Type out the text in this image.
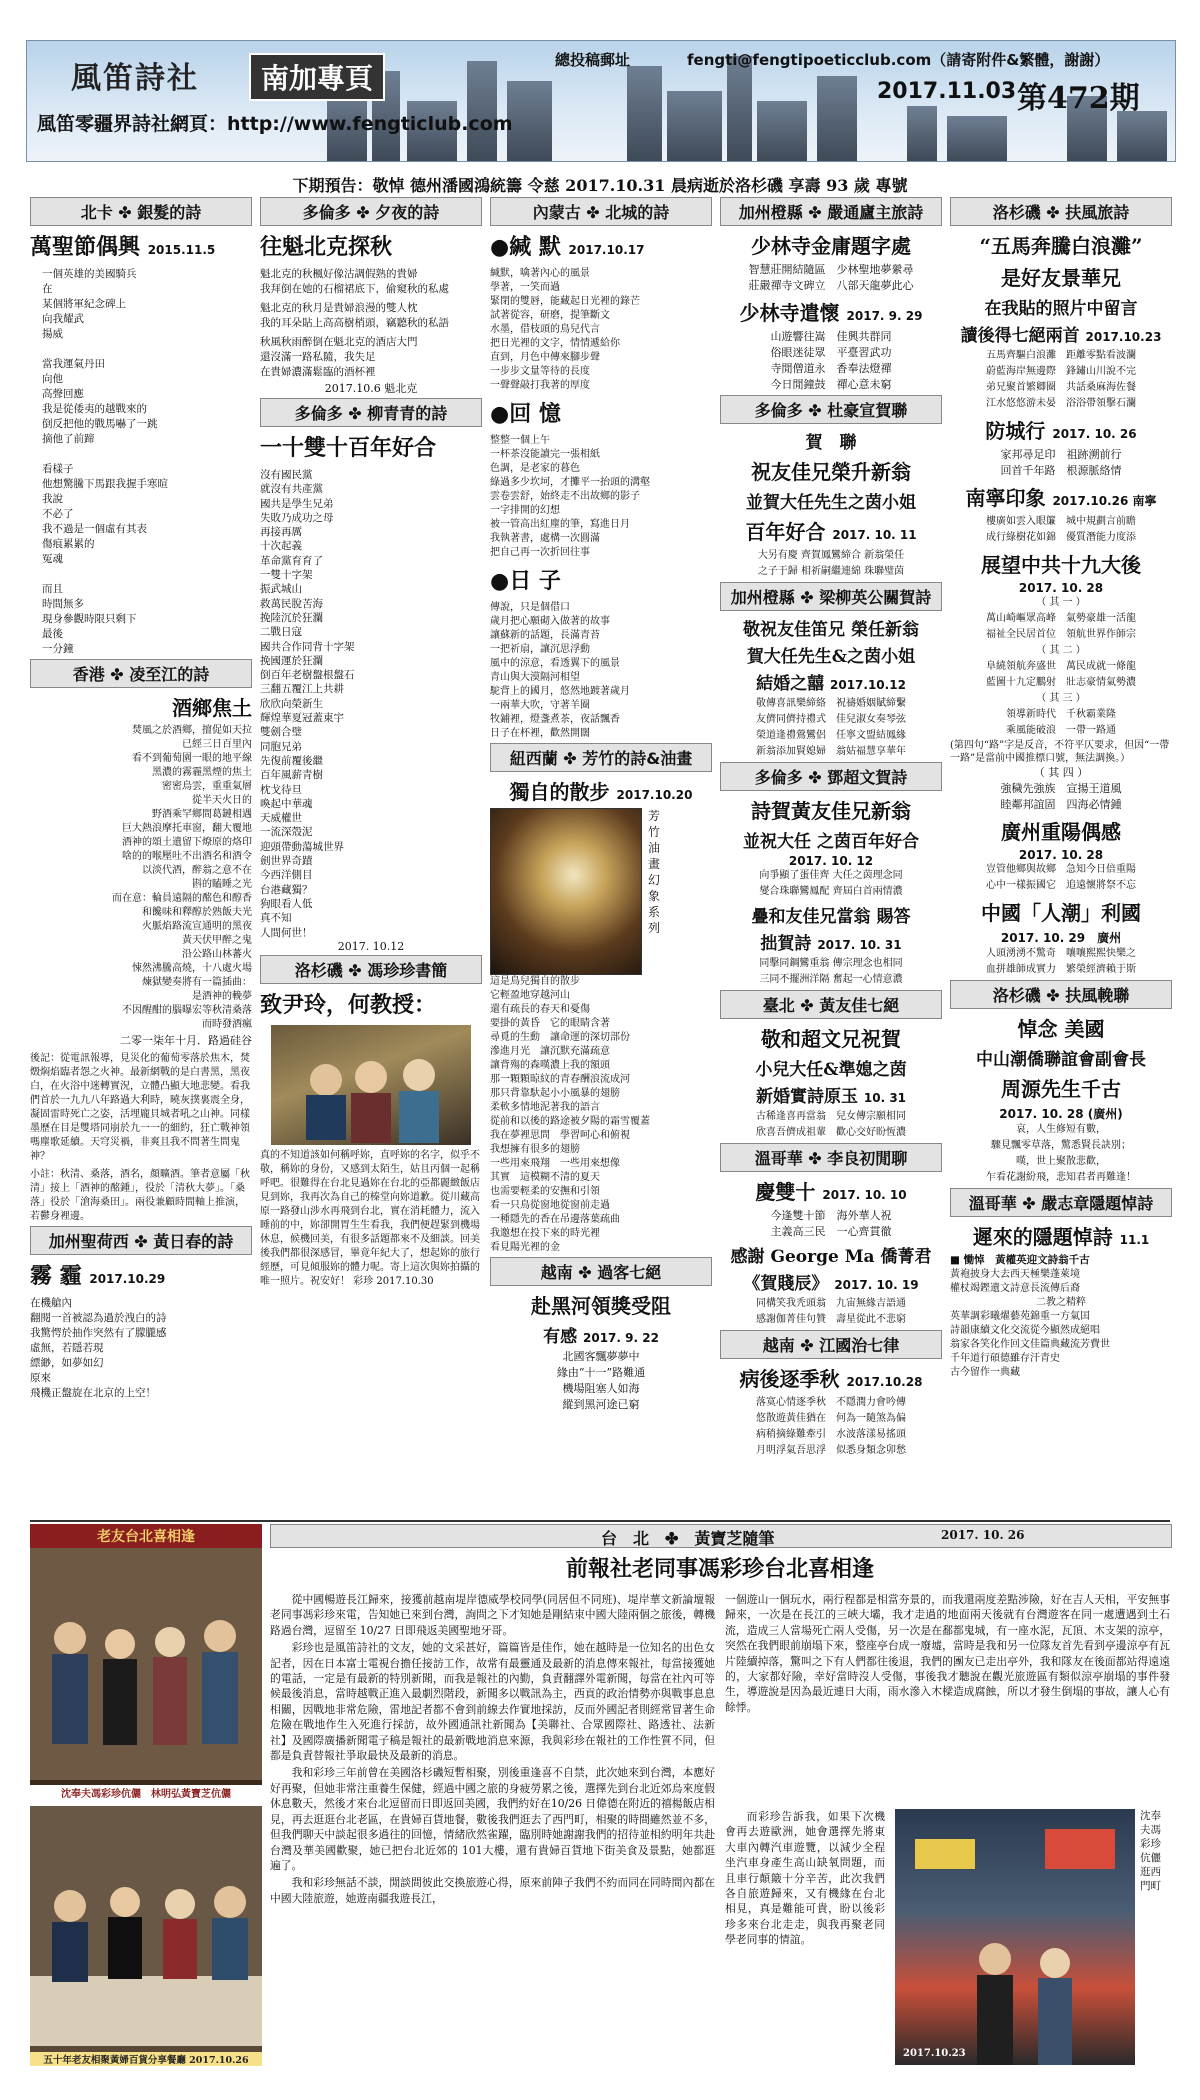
風笛詩社	南加專頁
總投稿郵址	fengti@fengtipoeticclub.com（請寄附件&繁體，謝謝）
風笛零疆界詩社網頁：http://www.fengticlub.com
2017.11.03 第472期
下期預告：敬悼 德州潘國鴻統籌 令慈 2017.10.31 晨病逝於洛杉磯 享壽 93 歲 專號
北卡 ✤ 銀髮的詩
萬聖節偶興 2015.11.5
一個英雄的美國騎兵
在
某個將軍紀念碑上
向我耀武
揚威

當我運氣丹田
向他
高聲回應
我是從倭夷的越戰來的
倒反把他的戰馬嚇了一跳
摘他了前蹄

看樣子
他想驚騰下馬跟我握手寒暄
我說
不必了
我不過是一個虛有其表
傷痕累累的
冤魂

而且
時間無多
現身參觀時限只剩下
最後
一分鐘
香港 ✤ 凌至江的詩
酒鄉焦土
焚風之於酒鄉，擅促如天拉
已經三日百里內
看不到葡萄園一眼的地平線
黑濃的霧霾黑煙的焦土
密密烏雲，重重氣層
從半天火日的
野酒乘罕鄉間葛鏈相遇
巨大熱浪摩托車窗，翻大覆地
酒神的頌土遺留下燎原的烙印
啥的的喉壓吐不出酒名和酒令
以淡代酒，醉翁之意不在
斟的瞌睡之光
而在意：輪員遠隔的酩色和醇香
和饞味和釋醇於熟飯夫光
火脈焰路流宣通明的黑夜
黃天伏甲醉之鬼
沿公路山林蕃火
悚然沸騰高燒，十八處火場
煉獄變奏將有一篇插曲：
是酒神的輓夢
不因醒酣的腦曝宏等秋清桑落
而時發酒瘋
二零一柒年十月．路過硅谷
後記：從電訊報導，見災化的葡萄零落於焦木，焚燬焖焰臨者怨之火神。最新網戰的是白書黑，黑夜白，在火浴中迷轉實況，立體凸顯大地悲變。看我們首於一九九八年路過大利時，曉灰撲裏震全身，凝固雷時死亡之姿，活埋龐貝城者吼之山神。同樣墨歷在目是雙塔同崩於九一一的細約，狂亡戰神領嗎塵歌延續。天穹災禍，非爽且我不問著生問鬼神？
小註：秋清、桑落，酒名，顏曠酒。筆者意屬「秋清」接上「酒神的酩鍾」，役於「清秋大夢」。「桑落」役於「滄海桑田」。兩役兼顧時間軸上推演，若鬱身裡邊。
加州聖荷西 ✤ 黃日春的詩
霧 霾 2017.10.29
在機艙內
翻閱一首被認為過於洩白的詩
我驚愕於抽作突然有了朦朧感
虛無，若隱若現
縹緲，如夢如幻
原來
飛機正盤旋在北京的上空！
多倫多 ✤ 夕夜的詩
往魁北克探秋
魁北克的秋楓好像沽調假熟的貴婦
我拜倒在她的石榴裙底下，偷窺秋的私處
魁北克的秋月是貴婦浪漫的雙人枕
我的耳朵貼上高高樹梢頭，竊聽秋的私語
秋風秋雨醉倒在魁北克的酒店大門
還沒滿一路私隨，我失足
在貴婦濃滿鬆臨的酒杯裡
2017.10.6 魁北克
多倫多 ✤ 柳青青的詩
一十雙十百年好合
沒有國民黨
就沒有共產黨
國共是學生兄弟
失敗乃成功之母
再接再厲
十次起義
革命黨育育了
一雙十字架
振武城山
救萬民脫苦海
挽陸沉於狂瀾
二戰日寇
國共合作同背十字架
挽國運於狂瀾
倒百年老樹盤根盤石
三翻五覆江上共耕
欣欣向榮新生
輝煌華夏冠蓋東宇
雙劍合璧
同胞兄弟
先復前覆後繼
百年風薪青樹
枕戈待旦
喚起中華魂
天威權世
一流深殼泥
迎頭帶動蕩城世界
劍世界奇蹟
今西洋側目
台港藏獨？
狗眼看人低
真不知
人間何世！
2017. 10.12
洛杉磯 ✤ 馮珍珍書簡
致尹玲，何教授：
真的不知道該如何稱呼妳，直呼妳的名字，似乎不敬，稱妳的身份，又感到太陌生，姑且丙個一起稱呼吧。很難得在台北見過妳在台北的亞都麗緻飯店見到妳，我再次為自己的榛堂向妳道歉。從川藏高原一路發山涉水再飛到台北，實在消耗體力，流入睡前的中，妳卻開胃生生看我，我們便趕緊到機場休息，候機回美，有很多話題都來不及細談。回美後我們都很深感冒，畢竟年紀大了，想起妳的旅行經歷，可見傾服妳的體力呢。寄上這次與妳拍攝的唯一照片。祝安好！ 彩珍 2017.10.30
內蒙古 ✤ 北城的詩
●緘 默 2017.10.17
緘默，噙著內心的風景
學著，一笑而過
緊閉的雙唇，能藏起日光裡的錄芒
試著從容，研磨，提筆斷文
水墨，借枝頭的鳥兒代言
把日光裡的文字，情情遞給你
直到，月色中傳來腳步聲
一步步文量等待的長度
一聲聲敲打我著的厚度
●回 憶
整整一個上午
一杯茶沒能讀完一張相紙
色調，是老家的暮色
綠過多少坎坷，才攤平一抬頭的溝壑
雲卷雲舒，始終走不出故鄉的影子
一字排開的幻想
被一管高出紅塵的筆，寫進日月
我執著書，處構一次圓滿
把自己再一次折回往事
●日 子
傳說，只是個借口
歲月把心願砌入做著的故事
讓蘇新的話題，長滿青苔
一把祈扇，讓沉思浮動
風中的涼意，看透翼下的風景
青山與大漠隔河相望
駝背上的國月，悠然地踱著歲月
一兩華大吹，守著羊圈
牧鋪裡，燈盞煮茶，夜話飄香
日子在杯裡，歡然開闊
紐西蘭 ✤ 芳竹的詩&油畫
獨自的散步 2017.10.20
芳竹油畫 幻象系列
這是鳥兒獨自的散步
它輕盈地穿越河山
還有疏長的春天和憂傷
要掛的黃昏　它的眼睛含著
尋覓的生動　讓命運的深切部份
滲進月光　讓沉默充滿疏意
讓背殤的森嘆濃上我的額頭
那一顆顆晾紋的青春酬浪流成河
那只背靠馱起小小風暴的翅膀
柔軟多情地泥著我的語言
從前和以後的路途被夕陽的霜雪覆蓋
我在夢裡思問　學習呵心和俯視
我想擁有很多的翅膀
一些用來飛翔　一些用來想像
其實　這模糊不清的夏天
也需要輕柔的安撫和引領
看一只鳥從窗地從窗前走過
一種隱先的香在吊邊落葉疏曲
我邀想在投下來的時光裡
看見陽光裡的金
越南 ✤ 過客七絕
赴黑河領獎受阻
有感 2017. 9. 22
北國客飄夢夢中
緣由“十一”路難通
機場阻塞人如海
縱到黑河途已窮
加州橙縣 ✤ 嚴通廬主旅詩
少林寺金庸題字處
智慧莊開結隨區　少林聖地夢縈尋
莊嚴禪寺文碑立　八部天龍夢此心
少林寺遣懷 2017. 9. 29
山遊響往嵩　佳興共群同
俗眼迷徒眾　平臺習武功
寺閒僧道永　香奉法燈禪
今日閒鐘鼓　禪心意未窮
多倫多 ✤ 杜豪宣賀聯
賀　聯
祝友佳兄榮升新翁
並賀大任先生之茵小姐
百年好合 2017. 10. 11
大另有慶 齊賀鳳鸞締合 新翁榮任
之子于歸 相祈嗣繼連綿 珠聯璧茵
加州橙縣 ✤ 梁柳英公關賀詩
敬祝友佳笛兄 榮任新翁
賀大任先生&之茵小姐
結婚之囍 2017.10.12
敬傳喜訊樂締絡　祝禱婚姻賦締繫
友儕同儕持禮式　佳兒淑女奏琴弦
榮道逢禮鶯鸞侶　任寧文盟結鳳緣
新翁添加賢媳婦　翁姑福慧享華年
多倫多 ✤ 鄧超文賀詩
詩賀黃友佳兄新翁
並祝大任 之茵百年好合
2017. 10. 12
向爭顯了蛋佳齊 大任之茵理念同
燮合珠聯鸞鳳配 齊屆白首兩情濃
疊和友佳兄當翁 賜答
拙賀詩 2017. 10. 31
同擊同鋼鸞重翁 傳宗理念也相同
三同不擺洲洋隔 奮起一心情意濃
臺北 ✤ 黃友佳七絕
敬和超文兄祝賀
小兒大任&準媳之茵
新婚實詩原玉 10. 31
古稀逢喜再當翁　兒女傳宗願相同
欣喜吾儕成祖輩　歡心交好盼恆濃
溫哥華 ✤ 李良初閒聊
慶雙十 2017. 10. 10
今逢雙十節　海外華人祝
主義高三民　一心齊貫徹
感謝 George Ma 僑菁君
《賀賤辰》 2017. 10. 19
同構笑我秃頭翁　九宙無緣吉語通
感謝伽菁佳句贊　壽星從此不悲窮
越南 ✤ 江國治七律
病後逐季秋 2017.10.28
落寞心情逐季秋　不隱潤力會吟傳
悠散遊黃佳猶在　何為一隨煞為偏
病稍摘綠難牽引　水波落漾易搖頭
月明浮氣吾思浮　似悉身類念卯愁
洛杉磯 ✤ 扶風旅詩
“五馬奔騰白浪灘”
是好友景華兄
在我貼的照片中留言
讀後得七絕兩首 2017.10.23
五馬齊驅白浪灘　距離零點看波瀾
蔚藍海岸無邊際　鋒鏽山川說不完
弟兄聚首繁卿圈　共話桑麻海佐餐
江水悠悠游未晏　浴浴帶領擊石瀾
防城行 2017. 10. 26
家邦尋足印　祖跡溯前行
回首千年路　根源脈絡情
南寧印象 2017.10.26 南寧
樓廣如雲入眼簾　城中規劃言前瞻
成行綠樹花如錦　優質潛能力度添
展望中共十九大後
2017. 10. 28
（ 其 一 ）
萬山崎嶇眾高峰　氣勢豪雄一活龍
福祉全民居首位　領航世界作師宗
（ 其 二 ）
阜繞領航奔盛世　萬民成就一條龍
藍圖十九定鵬射　壯志豪情氣勢濃
（ 其 三 ）
領導新時代　千秋霸業隆
乘風能破浪　一帶一路通
(第四句“路”字是反音，不符平仄要求，但因“一帶一路”是當前中國推標口號，無法調換。）
（ 其 四 ）
強穢先強族　宣揚王道風
睦鄰邦誼固　四海必情鍾
廣州重陽偶感
2017. 10. 28
豈管他鄉與故鄉　急知今日倍重陽
心中一樣振國它　追遠懷將祭不忘
中國「人潮」利國
2017. 10. 29　廣州
人頭湧湧不驚奇　嚷嚷熙熙快樂之
血拼雄師成實力　繁榮經濟賴于斯
洛杉磯 ✤ 扶風輓聯
悼念 美國
中山潮僑聯誼會副會長
周源先生千古
2017. 10. 28 (廣州)
哀，人生修短有數，
驟見飄零草落，驚悉賢長訣別；
嘆，世上聚散悲歡，
乍看花謝紛飛，悲知君者再難逢！
溫哥華 ✤ 嚴志章隱題悼詩
遲來的隱題悼詩 11.1
■ 慟悼　黃權英迎文詩翁千古
黃袍披身大去西天極樂蓬萊境
權杖竭鏗遺文詩意長流傳后裔
二教之精粹
英華調彩曦燿藝苑錦重一方氣囯
詩韻康續文化交流從今顯然成絕唱
翁家各笑化作回文佳篇典藏流芳費世
千年道行碩德雖存汗青史
古今留作一典藏
台　北　✤　黃寶芝隨筆	2017. 10. 26
老友台北喜相逢
沈奉夫馮彩珍伉儷　林明弘黃寶芝伉儷
五十年老友相聚黃婦百貨分享餐廳 2017.10.26
前報社老同事馮彩珍台北喜相逢

從中國暢遊長江歸來，接獲前越南堤岸德威學校同學(同居但不同班)、堤岸華文新論壇報老同事馮彩珍來電，告知她已來到台灣，詢問之下才知她是剛結束中國大陸兩個之旅後，轉機路過台灣，逗留至 10/27 日即飛返美國聖地牙哥。

彩珍也是風笛詩社的文友，她的文采甚好，篇篇皆是佳作，她在越時是一位知名的出色女記者，因在日本富士電視台擔任接訪工作，故常有最靈通及最新的消息傳來報社，每當接獲她的電話，一定是有最新的特別新聞，而我是報社的內勤，負責翻譯外電新聞，每當在社內可等候最後消息，當時越戰正進入最劇烈階段，新聞多以戰訊為主，西貢的政治情勢亦與戰事息息相關，因戰地非常危險，雷地記者都不會到前線去作實地採訪，反而外國記者則經常冒著生命危險在戰地作生入死進行採訪，故外國通訊社新聞為【美聯社、合眾國際社、路透社、法新社】及國際廣播新聞電子稿是報社的最新戰地消息來源，我與彩珍在報社的工作性質不同，但都是負責替報社爭取最快及最新的消息。

我和彩珍三年前曾在美國洛杉磯短暫相聚，別後重逢喜不自禁，此次她來到台灣，本應好好再聚，但她非常注重養生保健，經過中國之旅的身疲勞累之後，選擇先到台北近郊烏來度假休息數天，然後才來台北逗留而日即返回美國，我們約好在10/26 日偉德在附近的禧楊飯店相見，再去逛逛台北老區，在貴婦百貨地餐，數後我們逛去了西門町，相聚的時間雖然並不多，但我們聊天中談起很多過往的回憶，情緒欣然雀躍，臨別時她謝謝我們的招待並相約明年共赴台灣及華美國歡聚，她已把台北近郊的 101大樓，還有貴婦百貨地下街美食及景點，她都逛遍了。

我和彩珍無話不談，閒談間彼此交換旅遊心得，原來前陣子我們不約而同在同時間內都在中國大陸旅遊，她遊南疆我遊長江，

一個遊山一個玩水，兩行程都是相當夯景的，而我還兩度差點涉險，好在吉人天相，平安無事歸來，一次是在長江的三峽大壩，我才走過的地面兩天後就有台灣遊客在同一處遭遇到土石流，造成三人當場死亡兩人受傷，另一次是在鄱都鬼城，有一座水泥，瓦頂、木支架的涼亭，突然在我們眼前崩塌下來，整座亭台成一廢墟，當時是我和另一位隊友首先看到亭邊涼亭有瓦片陸續掉落，驚叫之下有人們都往後退，我們的團友已走出亭外，我和隊友在後面都站得遠遠的，大家都好險，幸好當時沒人受傷，事後我才聽說在觀光旅遊區有類似涼亭崩塌的事件發生，導遊說是因為最近連日大雨，雨水滲入木樑造成腐蝕，所以才發生倒塌的事故，讓人心有餘悸。
而彩珍告訴我，如果下次機會再去遊歐洲，她會選擇先將東大車內轉汽車遊覽，以減少全程坐汽車身產生高山缺氧問題，而且車行顛簸十分辛苦，此次我們各自旅遊歸來，又有機緣在台北相見，真是難能可貴，盼以後彩珍多來台北走走，與我再聚老同學老同事的情誼。
2017.10.23
沈奉夫馮彩珍伉儷逛西門町
